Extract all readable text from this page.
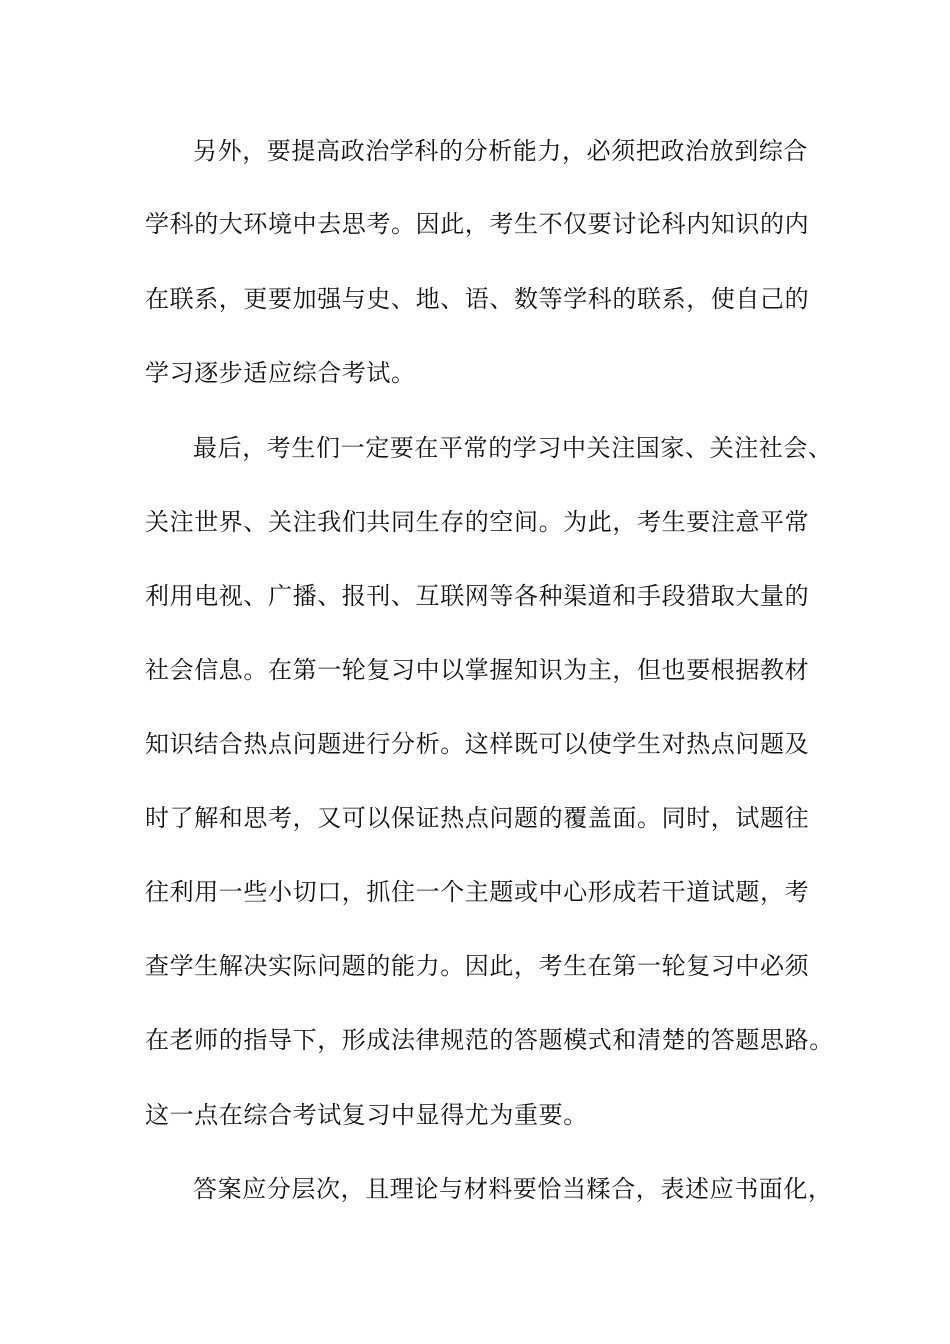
另外，要提高政治学科的分析能力，必须把政治放到综合
学科的大环境中去思考。因此，考生不仅要讨论科内知识的内
在联系，更要加强与史、地、语、数等学科的联系，使自己的
学习逐步适应综合考试。
最后，考生们一定要在平常的学习中关注国家、关注社会、
关注世界、关注我们共同生存的空间。为此，考生要注意平常
利用电视、广播、报刊、互联网等各种渠道和手段猎取大量的
社会信息。在第一轮复习中以掌握知识为主，但也要根据教材
知识结合热点问题进行分析。这样既可以使学生对热点问题及
时了解和思考，又可以保证热点问题的覆盖面。同时，试题往
往利用一些小切口，抓住一个主题或中心形成若干道试题，考
查学生解决实际问题的能力。因此，考生在第一轮复习中必须
在老师的指导下，形成法律规范的答题模式和清楚的答题思路。
这一点在综合考试复习中显得尤为重要。
答案应分层次，且理论与材料要恰当糅合，表述应书面化，
